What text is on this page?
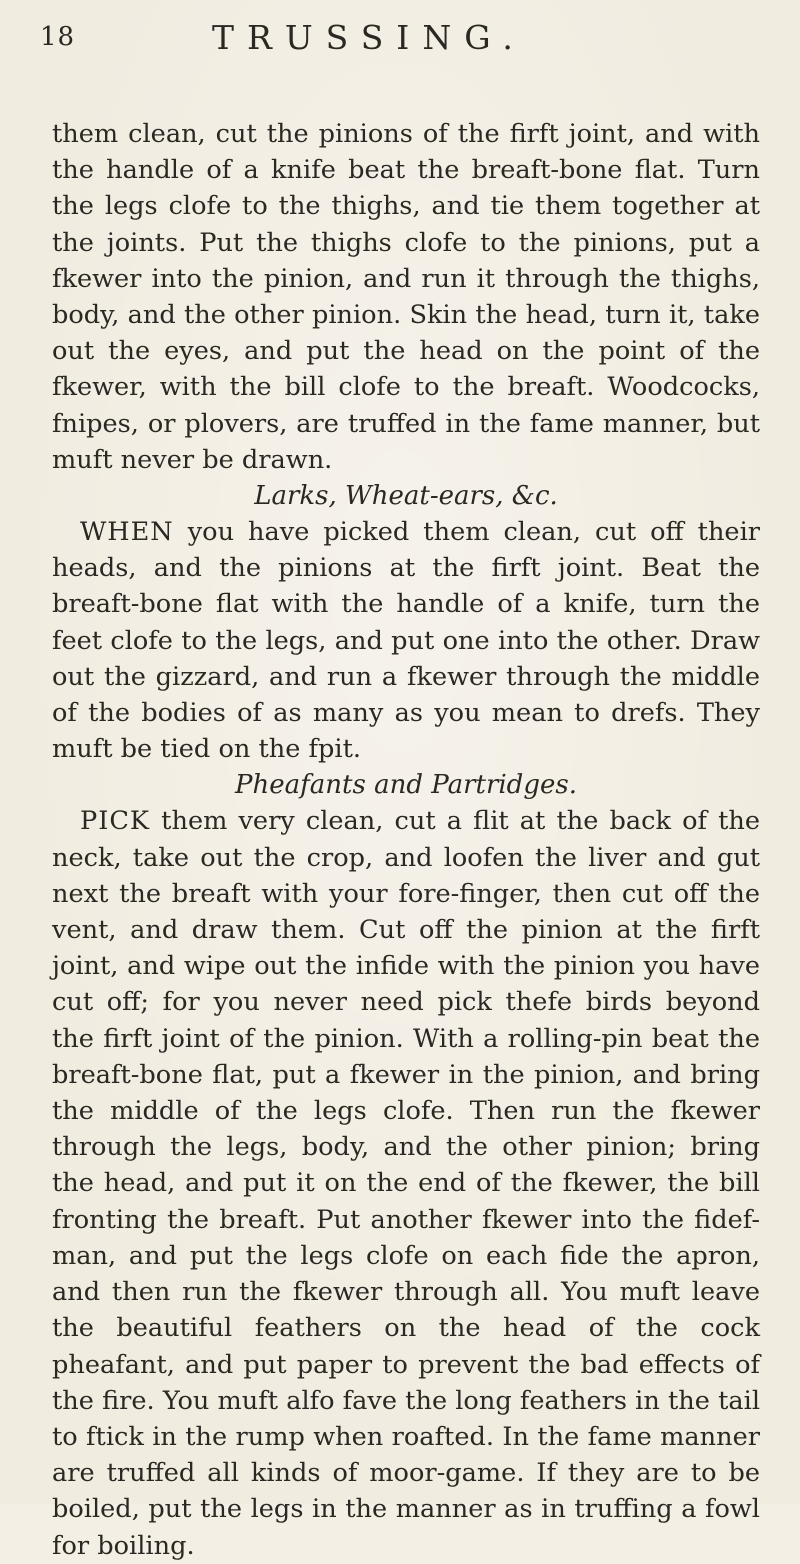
18	TRUSSING.

them clean, cut the pinions of the firft joint, and with the handle of a knife beat the breaft-bone flat. Turn the legs clofe to the thighs, and tie them together at the joints. Put the thighs clofe to the pinions, put a fkewer into the pinion, and run it through the thighs, body, and the other pinion. Skin the head, turn it, take out the eyes, and put the head on the point of the fkewer, with the bill clofe to the breaft. Woodcocks, fnipes, or plovers, are truffed in the fame manner, but muft never be drawn.

Larks, Wheat-ears, &c.

WHEN you have picked them clean, cut off their heads, and the pinions at the firft joint. Beat the breaft-bone flat with the handle of a knife, turn the feet clofe to the legs, and put one into the other. Draw out the gizzard, and run a fkewer through the middle of the bodies of as many as you mean to drefs. They muft be tied on the fpit.

Pheafants and Partridges.

PICK them very clean, cut a flit at the back of the neck, take out the crop, and loofen the liver and gut next the breaft with your fore-finger, then cut off the vent, and draw them. Cut off the pinion at the firft joint, and wipe out the infide with the pinion you have cut off; for you never need pick thefe birds beyond the firft joint of the pinion. With a rolling-pin beat the breaft-bone flat, put a fkewer in the pinion, and bring the middle of the legs clofe. Then run the fkewer through the legs, body, and the other pinion; bring the head, and put it on the end of the fkewer, the bill fronting the breaft. Put another fkewer into the fidef-man, and put the legs clofe on each fide the apron, and then run the fkewer through all. You muft leave the beautiful feathers on the head of the cock pheafant, and put paper to prevent the bad effects of the fire. You muft alfo fave the long feathers in the tail to ftick in the rump when roafted. In the fame manner are truffed all kinds of moor-game. If they are to be boiled, put the legs in the manner as in truffing a fowl for boiling.
